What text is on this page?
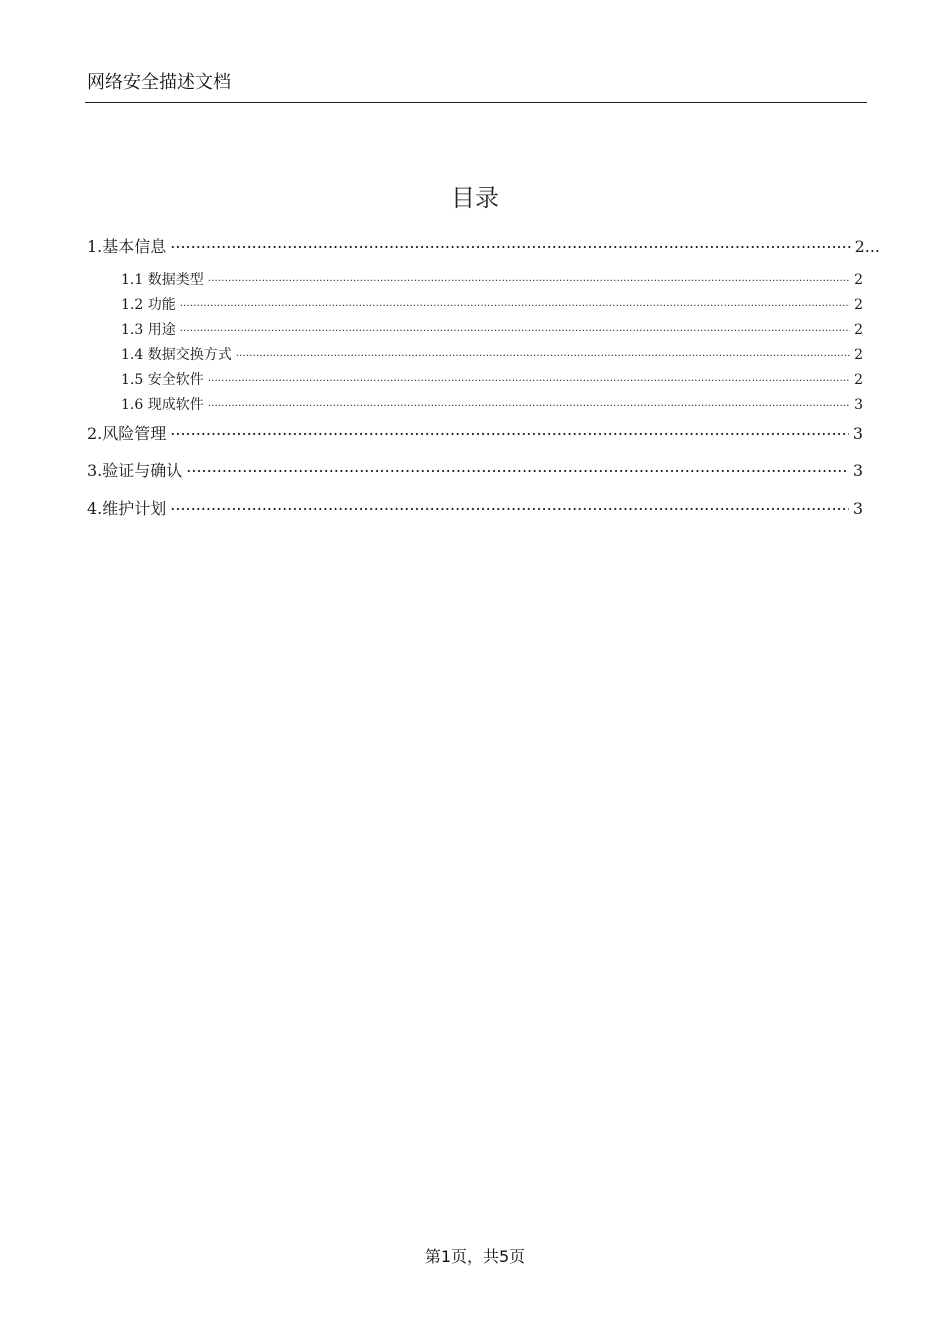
网络安全描述文档
目录
1.基本信息 .....	2...
1.1 数据类型 .....	2
1.2 功能 .....	2
1.3 用途 .....	2
1.4 数据交换方式 .....	2
1.5 安全软件 .....	2
1.6 现成软件 .....	3
2.风险管理 .....	3
3.验证与确认 .....	3
4.维护计划 .....	3
第1页，共5页
